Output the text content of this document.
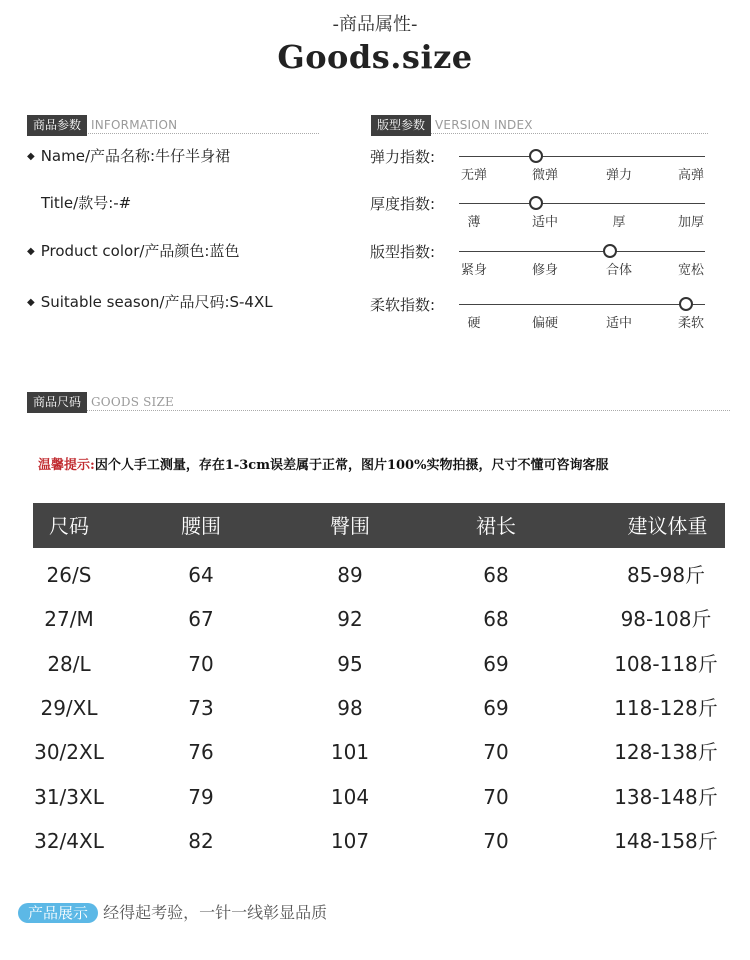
-商品属性-
Goods.size
商品参数 INFORMATION
◆ Name/产品名称:牛仔半身裙
Title/款号:-#
◆ Product color/产品颜色:蓝色
◆ Suitable season/产品尺码:S-4XL
版型参数 VERSION INDEX
弹力指数:
无弹	微弹	弹力	高弹
厚度指数:
薄	适中	厚	加厚
版型指数:
紧身	修身	合体	宽松
柔软指数:
硬	偏硬	适中	柔软
商品尺码 GOODS SIZE
温馨提示:因个人手工测量，存在1-3cm误差属于正常，图片100%实物拍摄，尺寸不懂可咨询客服
尺码	腰围	臀围	裙长	建议体重
26/S	64	89	68	85-98斤
27/M	67	92	68	98-108斤
28/L	70	95	69	108-118斤
29/XL	73	98	69	118-128斤
30/2XL	76	101	70	128-138斤
31/3XL	79	104	70	138-148斤
32/4XL	82	107	70	148-158斤
产品展示 经得起考验，一针一线彰显品质
